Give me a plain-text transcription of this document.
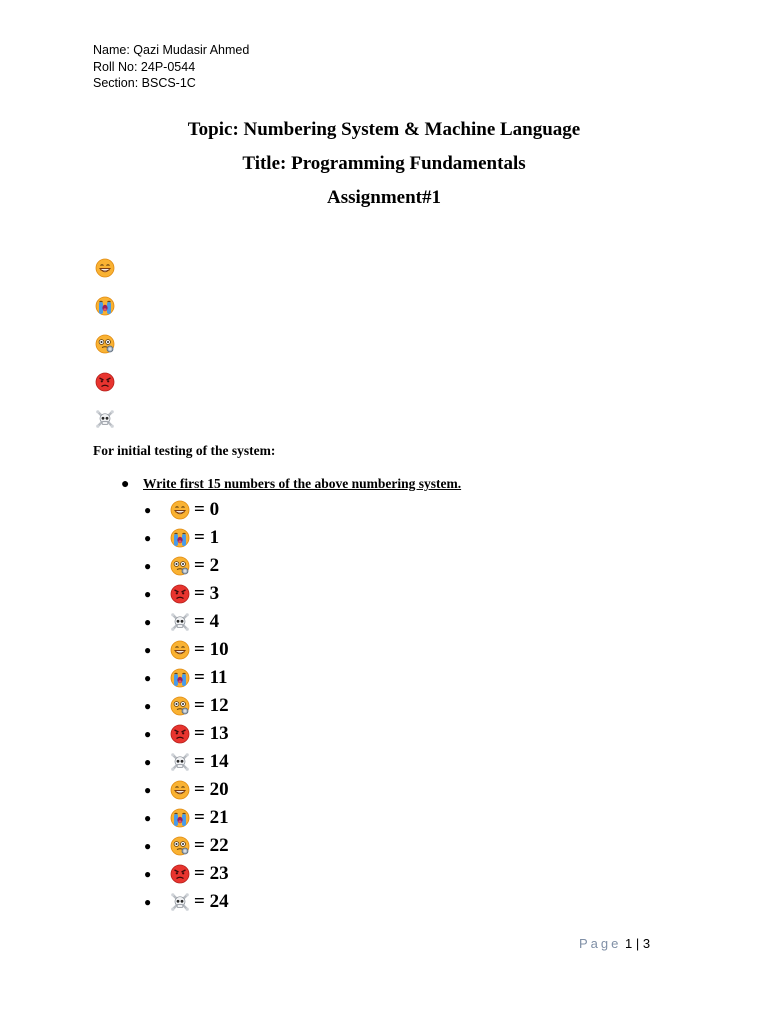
Name: Qazi Mudasir Ahmed
Roll No: 24P-0544
Section: BSCS-1C
Topic: Numbering System & Machine Language
Title: Programming Fundamentals
Assignment#1
For initial testing of the system:
● Write first 15 numbers of the above numbering system.
●	= 0
●	= 1
●	= 2
●	= 3
●	= 4
●	= 10
●	= 11
●	= 12
●	= 13
●	= 14
●	= 20
●	= 21
●	= 22
●	= 23
●	= 24
Page 1 | 3
